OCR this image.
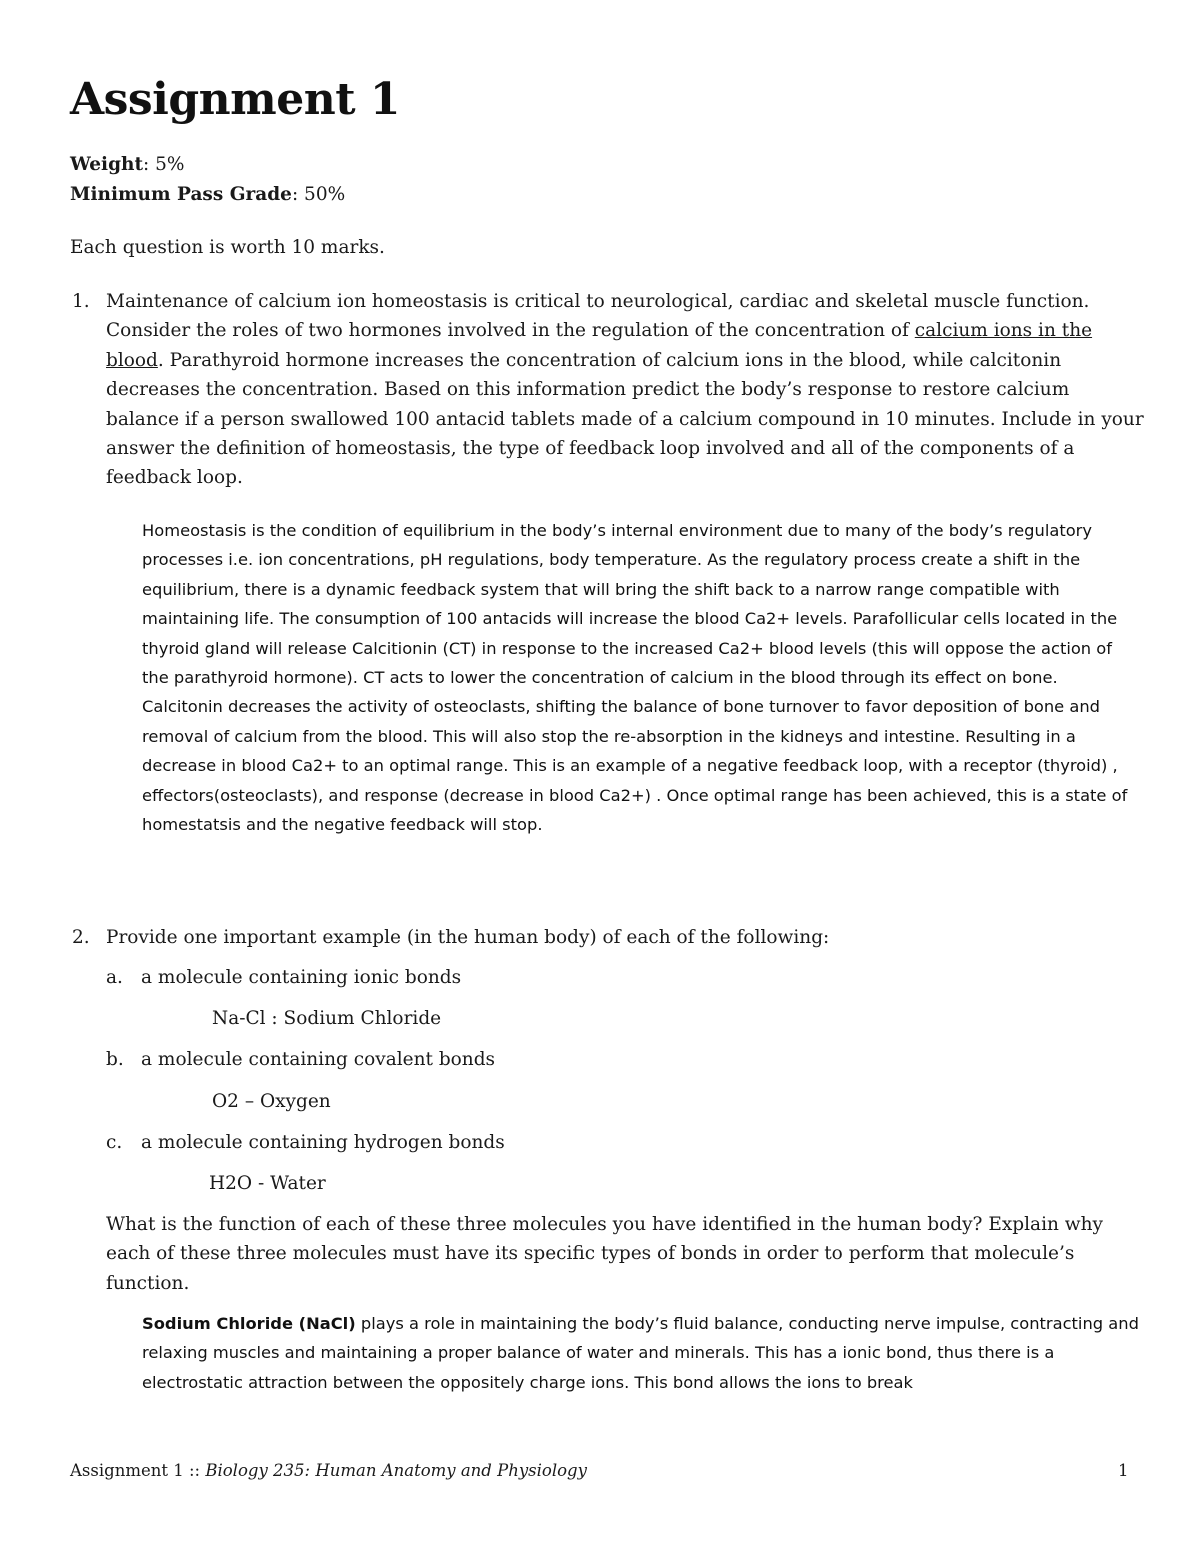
Assignment 1
Weight: 5%
Minimum Pass Grade: 50%
Each question is worth 10 marks.
1. Maintenance of calcium ion homeostasis is critical to neurological, cardiac and skeletal muscle function. Consider the roles of two hormones involved in the regulation of the concentration of calcium ions in the blood. Parathyroid hormone increases the concentration of calcium ions in the blood, while calcitonin decreases the concentration. Based on this information predict the body’s response to restore calcium balance if a person swallowed 100 antacid tablets made of a calcium compound in 10 minutes. Include in your answer the definition of homeostasis, the type of feedback loop involved and all of the components of a feedback loop.

Homeostasis is the condition of equilibrium in the body’s internal environment due to many of the body’s regulatory processes i.e. ion concentrations, pH regulations, body temperature. As the regulatory process create a shift in the equilibrium, there is a dynamic feedback system that will bring the shift back to a narrow range compatible with maintaining life. The consumption of 100 antacids will increase the blood Ca2+ levels. Parafollicular cells located in the thyroid gland will release Calcitionin (CT) in response to the increased Ca2+ blood levels (this will oppose the action of the parathyroid hormone). CT acts to lower the concentration of calcium in the blood through its effect on bone. Calcitonin decreases the activity of osteoclasts, shifting the balance of bone turnover to favor deposition of bone and removal of calcium from the blood. This will also stop the re-absorption in the kidneys and intestine. Resulting in a decrease in blood Ca2+ to an optimal range. This is an example of a negative feedback loop, with a receptor (thyroid) , effectors(osteoclasts), and response (decrease in blood Ca2+) . Once optimal range has been achieved, this is a state of homestatsis and the negative feedback will stop.

2. Provide one important example (in the human body) of each of the following:
a. a molecule containing ionic bonds
Na-Cl : Sodium Chloride
b. a molecule containing covalent bonds
O2 – Oxygen
c. a molecule containing hydrogen bonds
H2O - Water

What is the function of each of these three molecules you have identified in the human body? Explain why each of these three molecules must have its specific types of bonds in order to perform that molecule’s function.

Sodium Chloride (NaCl) plays a role in maintaining the body’s fluid balance, conducting nerve impulse, contracting and relaxing muscles and maintaining a proper balance of water and minerals. This has a ionic bond, thus there is a electrostatic attraction between the oppositely charge ions. This bond allows the ions to break

Assignment 1 :: Biology 235: Human Anatomy and Physiology	1
